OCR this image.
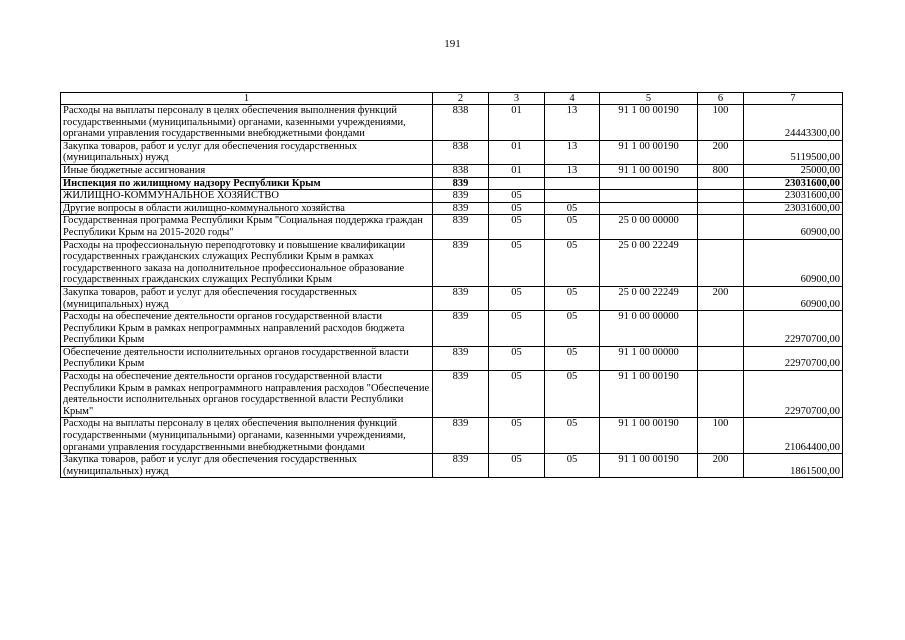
191
1	2	3	4	5	6	7
Расходы на выплаты персоналу в целях обеспечения выполнения функций государственными (муниципальными) органами, казенными учреждениями, органами управления государственными внебюджетными фондами	838	01	13	91 1 00 00190	100	24443300,00
Закупка товаров, работ и услуг для обеспечения государственных (муниципальных) нужд	838	01	13	91 1 00 00190	200	5119500,00
Иные бюджетные ассигнования	838	01	13	91 1 00 00190	800	25000,00
Инспекция по жилищному надзору Республики Крым	839					23031600,00
ЖИЛИЩНО-КОММУНАЛЬНОЕ ХОЗЯЙСТВО	839	05				23031600,00
Другие вопросы в области жилищно-коммунального хозяйства	839	05	05			23031600,00
Государственная программа Республики Крым "Социальная поддержка граждан Республики Крым на 2015-2020 годы"	839	05	05	25 0 00 00000		60900,00
Расходы на профессиональную переподготовку и повышение квалификации государственных гражданских служащих Республики Крым в рамках государственного заказа на дополнительное профессиональное образование государственных гражданских служащих Республики Крым	839	05	05	25 0 00 22249		60900,00
Закупка товаров, работ и услуг для обеспечения государственных (муниципальных) нужд	839	05	05	25 0 00 22249	200	60900,00
Расходы на обеспечение деятельности органов государственной власти Республики Крым в рамках непрограммных направлений расходов бюджета Республики Крым	839	05	05	91 0 00 00000		22970700,00
Обеспечение деятельности исполнительных органов государственной власти Республики Крым	839	05	05	91 1 00 00000		22970700,00
Расходы на обеспечение деятельности органов государственной власти Республики Крым в рамках непрограммного направления расходов "Обеспечение деятельности исполнительных органов государственной власти Республики Крым"	839	05	05	91 1 00 00190		22970700,00
Расходы на выплаты персоналу в целях обеспечения выполнения функций государственными (муниципальными) органами, казенными учреждениями, органами управления государственными внебюджетными фондами	839	05	05	91 1 00 00190	100	21064400,00
Закупка товаров, работ и услуг для обеспечения государственных (муниципальных) нужд	839	05	05	91 1 00 00190	200	1861500,00
